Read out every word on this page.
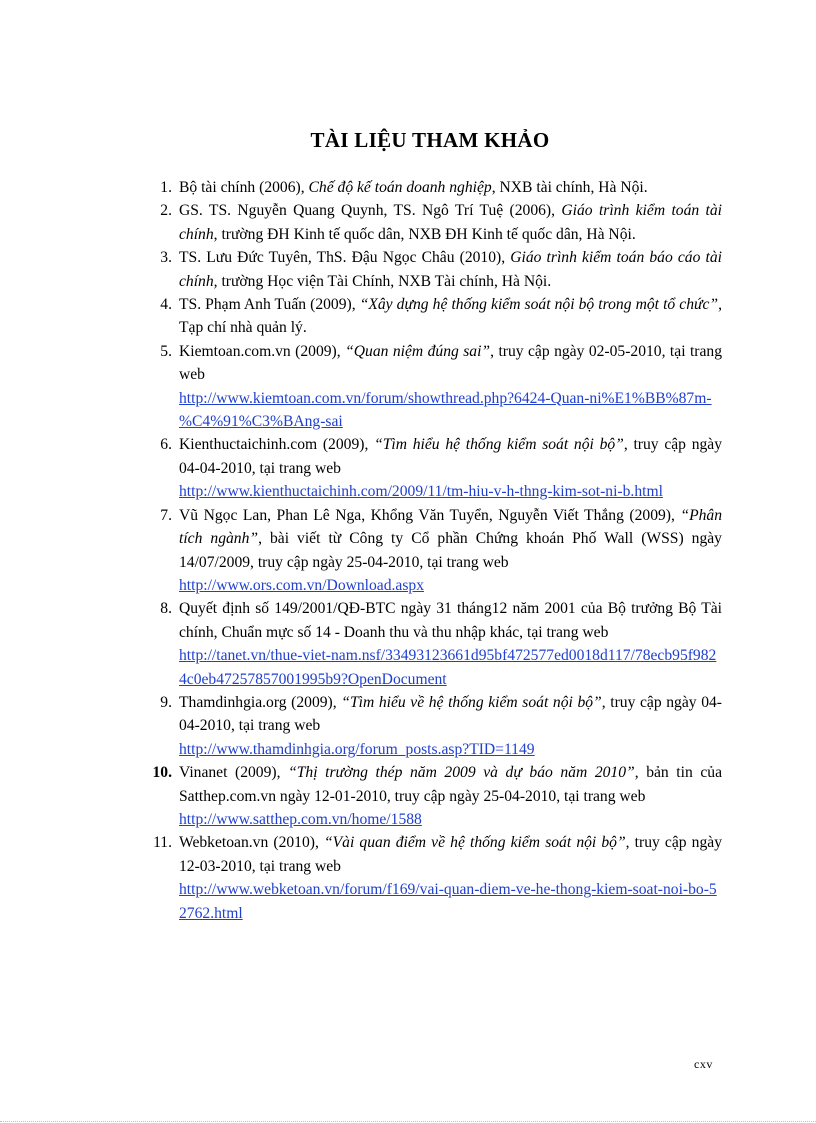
TÀI LIỆU THAM KHẢO
1. Bộ tài chính (2006), Chế độ kế toán doanh nghiệp, NXB tài chính, Hà Nội.
2. GS. TS. Nguyễn Quang Quynh, TS. Ngô Trí Tuệ (2006), Giáo trình kiểm toán tài chính, trường ĐH Kinh tế quốc dân, NXB ĐH Kinh tế quốc dân, Hà Nội.
3. TS. Lưu Đức Tuyên, ThS. Đậu Ngọc Châu (2010), Giáo trình kiểm toán báo cáo tài chính, trường Học viện Tài Chính, NXB Tài chính, Hà Nội.
4. TS. Phạm Anh Tuấn (2009), “Xây dựng hệ thống kiểm soát nội bộ trong một tổ chức”, Tạp chí nhà quản lý.
5. Kiemtoan.com.vn (2009), “Quan niệm đúng sai”, truy cập ngày 02-05-2010, tại trang web
http://www.kiemtoan.com.vn/forum/showthread.php?6424-Quan-ni%E1%BB%87m-%C4%91%C3%BAng-sai
6. Kienthuctaichinh.com (2009), “Tìm hiểu hệ thống kiểm soát nội bộ”, truy cập ngày 04-04-2010, tại trang web
http://www.kienthuctaichinh.com/2009/11/tm-hiu-v-h-thng-kim-sot-ni-b.html
7. Vũ Ngọc Lan, Phan Lê Nga, Khổng Văn Tuyển, Nguyễn Viết Thắng (2009), “Phân tích ngành”, bài viết từ Công ty Cổ phần Chứng khoán Phố Wall (WSS) ngày 14/07/2009, truy cập ngày 25-04-2010, tại trang web
http://www.ors.com.vn/Download.aspx
8. Quyết định số 149/2001/QĐ-BTC ngày 31 tháng12 năm 2001 của Bộ trưởng Bộ Tài chính, Chuẩn mực số 14 - Doanh thu và thu nhập khác, tại trang web
http://tanet.vn/thue-viet-nam.nsf/33493123661d95bf472577ed0018d117/78ecb95f9824c0eb47257857001995b9?OpenDocument
9. Thamdinhgia.org (2009), “Tìm hiểu về hệ thống kiểm soát nội bộ”, truy cập ngày 04-04-2010, tại trang web
http://www.thamdinhgia.org/forum_posts.asp?TID=1149
10. Vinanet (2009), “Thị trường thép năm 2009 và dự báo năm 2010”, bản tin của Satthep.com.vn ngày 12-01-2010, truy cập ngày 25-04-2010, tại trang web
http://www.satthep.com.vn/home/1588
11. Webketoan.vn (2010), “Vài quan điểm về hệ thống kiểm soát nội bộ”, truy cập ngày 12-03-2010, tại trang web
http://www.webketoan.vn/forum/f169/vai-quan-diem-ve-he-thong-kiem-soat-noi-bo-52762.html
cxv
